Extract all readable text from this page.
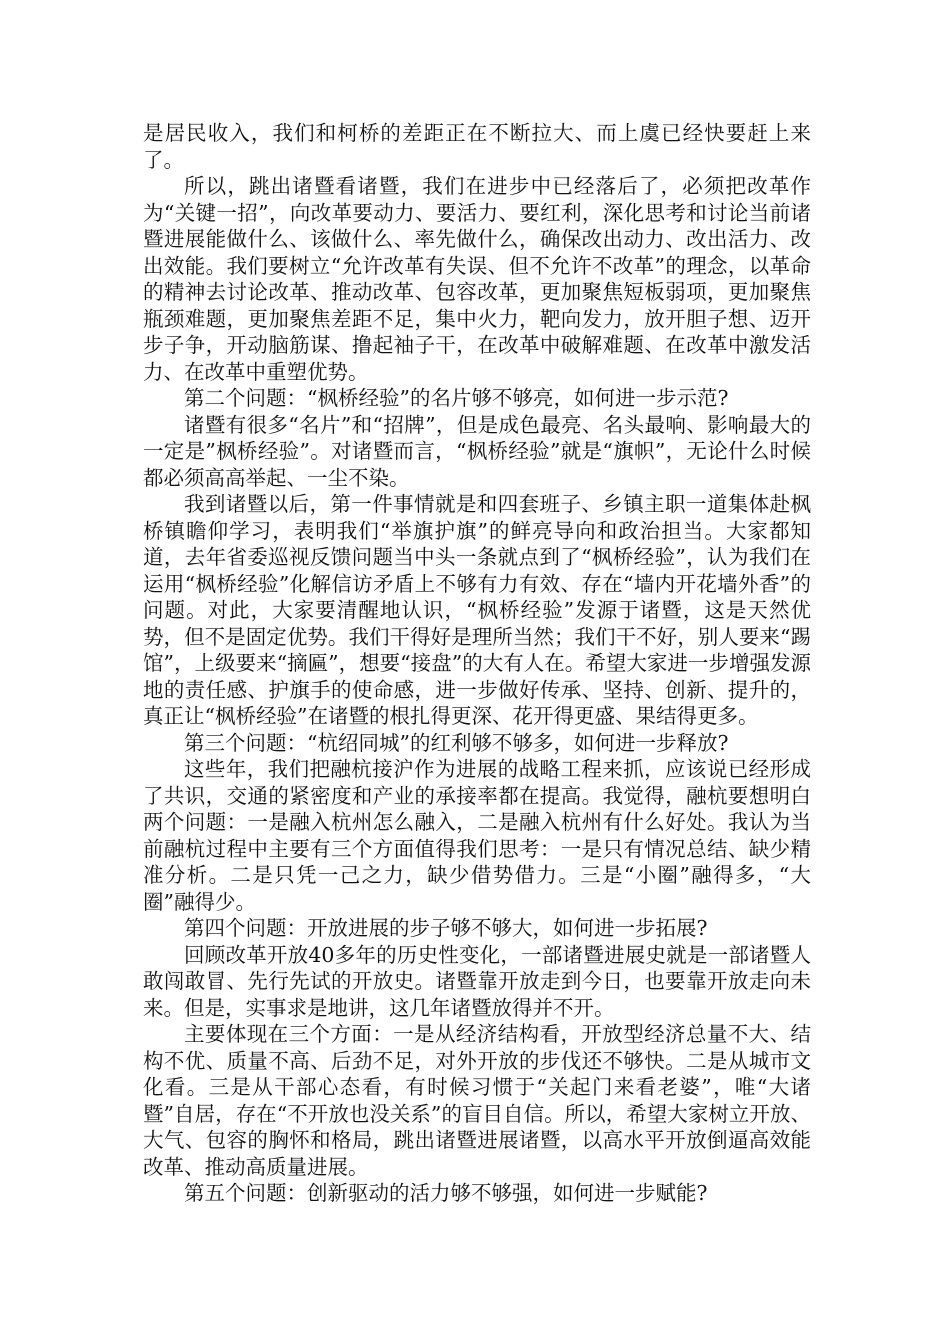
是居民收入，我们和柯桥的差距正在不断拉大、而上虞已经快要赶上来了。

所以，跳出诸暨看诸暨，我们在进步中已经落后了，必须把改革作为“关键一招”，向改革要动力、要活力、要红利，深化思考和讨论当前诸暨进展能做什么、该做什么、率先做什么，确保改出动力、改出活力、改出效能。我们要树立“允许改革有失误、但不允许不改革”的理念，以革命的精神去讨论改革、推动改革、包容改革，更加聚焦短板弱项，更加聚焦瓶颈难题，更加聚焦差距不足，集中火力，靶向发力，放开胆子想、迈开步子争，开动脑筋谋、撸起袖子干，在改革中破解难题、在改革中激发活力、在改革中重塑优势。

第二个问题：“枫桥经验”的名片够不够亮，如何进一步示范?

诸暨有很多“名片”和“招牌”，但是成色最亮、名头最响、影响最大的一定是”枫桥经验”。对诸暨而言，“枫桥经验”就是“旗帜”，无论什么时候都必须高高举起、一尘不染。

我到诸暨以后，第一件事情就是和四套班子、乡镇主职一道集体赴枫桥镇瞻仰学习，表明我们“举旗护旗”的鲜亮导向和政治担当。大家都知道，去年省委巡视反馈问题当中头一条就点到了“枫桥经验”，认为我们在运用“枫桥经验”化解信访矛盾上不够有力有效、存在“墙内开花墙外香”的问题。对此，大家要清醒地认识，“枫桥经验”发源于诸暨，这是天然优势，但不是固定优势。我们干得好是理所当然；我们干不好，别人要来“踢馆”，上级要来“摘匾”，想要“接盘”的大有人在。希望大家进一步增强发源地的责任感、护旗手的使命感，进一步做好传承、坚持、创新、提升的，真正让“枫桥经验”在诸暨的根扎得更深、花开得更盛、果结得更多。

第三个问题：“杭绍同城”的红利够不够多，如何进一步释放?

这些年，我们把融杭接沪作为进展的战略工程来抓，应该说已经形成了共识，交通的紧密度和产业的承接率都在提高。我觉得，融杭要想明白两个问题：一是融入杭州怎么融入，二是融入杭州有什么好处。我认为当前融杭过程中主要有三个方面值得我们思考：一是只有情况总结、缺少精准分析。二是只凭一己之力，缺少借势借力。三是“小圈”融得多，“大圈”融得少。

第四个问题：开放进展的步子够不够大，如何进一步拓展?

回顾改革开放40多年的历史性变化，一部诸暨进展史就是一部诸暨人敢闯敢冒、先行先试的开放史。诸暨靠开放走到今日，也要靠开放走向未来。但是，实事求是地讲，这几年诸暨放得并不开。

主要体现在三个方面：一是从经济结构看，开放型经济总量不大、结构不优、质量不高、后劲不足，对外开放的步伐还不够快。二是从城市文化看。三是从干部心态看，有时候习惯于“关起门来看老婆”，唯“大诸暨”自居，存在“不开放也没关系”的盲目自信。所以，希望大家树立开放、大气、包容的胸怀和格局，跳出诸暨进展诸暨，以高水平开放倒逼高效能改革、推动高质量进展。

第五个问题：创新驱动的活力够不够强，如何进一步赋能?
